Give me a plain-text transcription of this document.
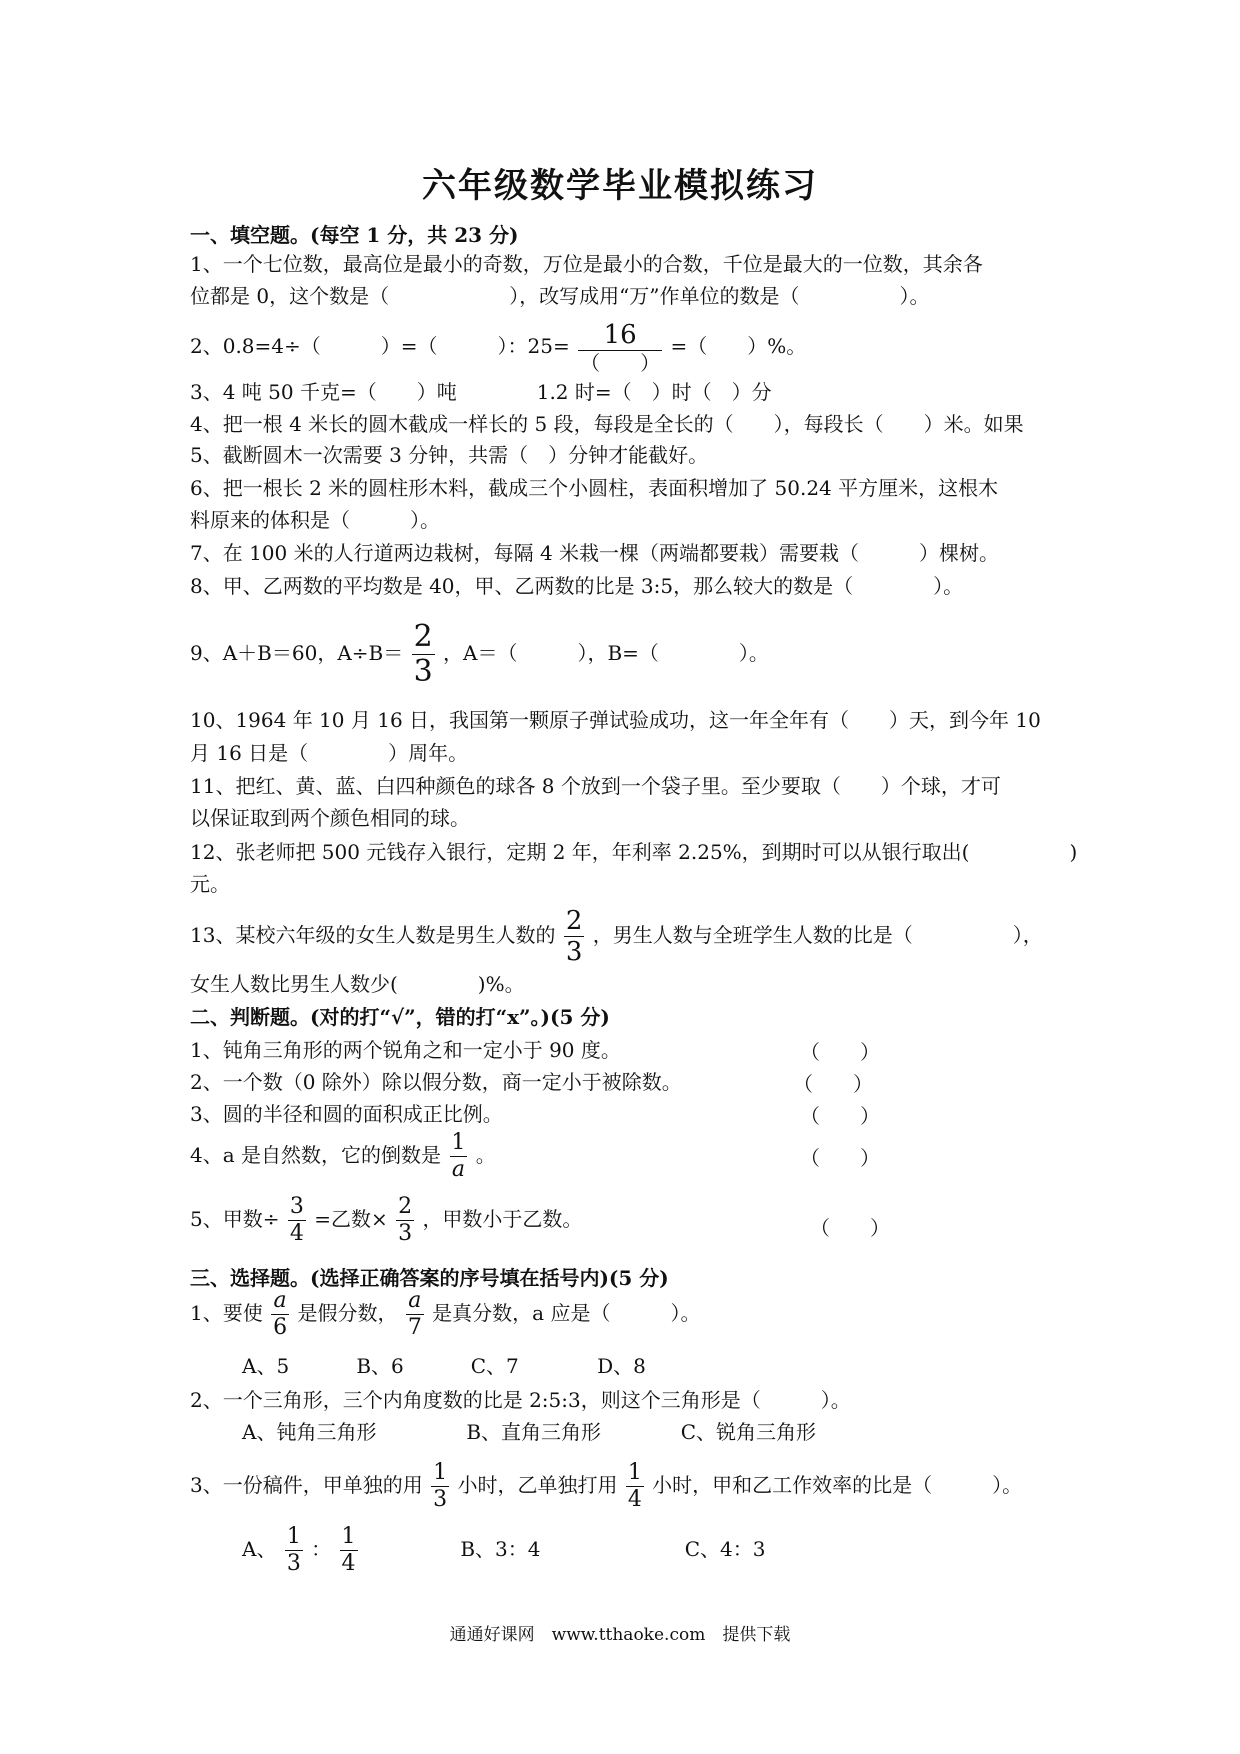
六年级数学毕业模拟练习
一、填空题。(每空 1 分，共 23 分)
1、一个七位数，最高位是最小的奇数，万位是最小的合数，千位是最大的一位数，其余各
位都是 0，这个数是（　　　　　　），改写成用“万”作单位的数是（　　　　　）。
2、0.8=4÷（　　　）=（　　　）：$25= \frac{16}{( )}$ =（　　）%。
3、4 吨 50 千克=（　　）吨　　　　1.2 时=（　）时（　）分
4、把一根 4 米长的圆木截成一样长的 5 段，每段是全长的（　　），每段长（　　）米。如果
5、截断圆木一次需要 3 分钟，共需（　）分钟才能截好。
6、把一根长 2 米的圆柱形木料，截成三个小圆柱，表面积增加了 50.24 平方厘米，这根木
料原来的体积是（　　　）。
7、在 100 米的人行道两边栽树，每隔 4 米栽一棵（两端都要栽）需要栽（　　　）棵树。
8、甲、乙两数的平均数是 40，甲、乙两数的比是 3:5，那么较大的数是（　　　　）。
9、A＋B＝60，$A\div B= \frac{2}{3}$ ，A＝（　　　），B=（　　　　）。
10、1964 年 10 月 16 日，我国第一颗原子弹试验成功，这一年全年有（　　）天，到今年 10
月 16 日是（　　　　）周年。
11、把红、黄、蓝、白四种颜色的球各 8 个放到一个袋子里。至少要取（　　）个球，才可
以保证取到两个颜色相同的球。
12、张老师把 500 元钱存入银行，定期 2 年，年利率 2.25%，到期时可以从银行取出(　　　　　)
元。
13、某校六年级的女生人数是男生人数的 $\frac{2}{3}$ ，男生人数与全班学生人数的比是（　　　　　），
女生人数比男生人数少(　　　　)%。
二、判断题。(对的打“√”，错的打“x”。)(5 分)
1、钝角三角形的两个锐角之和一定小于 90 度。	（　　）
2、一个数（0 除外）除以假分数，商一定小于被除数。	（　　）
3、圆的半径和圆的面积成正比例。	（　　）
4、a 是自然数，它的倒数是 $\frac{1}{a}$ 。	（　　）
5、甲数÷ $\frac{3}{4}$ =乙数× $\frac{2}{3}$ ，甲数小于乙数。	（　　）
三、选择题。(选择正确答案的序号填在括号内)(5 分)
1、要使 $\frac{a}{6}$ 是假分数， $\frac{a}{7}$ 是真分数，a 应是（　　　）。
A、5	B、6	C、7	D、8
2、一个三角形，三个内角度数的比是 2:5:3，则这个三角形是（　　　）。
A、钝角三角形	B、直角三角形	C、锐角三角形
3、一份稿件，甲单独的用 $\frac{1}{3}$ 小时，乙单独打用 $\frac{1}{4}$ 小时，甲和乙工作效率的比是（　　　）。
A、 $\frac{1}{3}$ ： $\frac{1}{4}$	B、3：4	C、4：3
通通好课网　www.tthaoke.com　提供下载
